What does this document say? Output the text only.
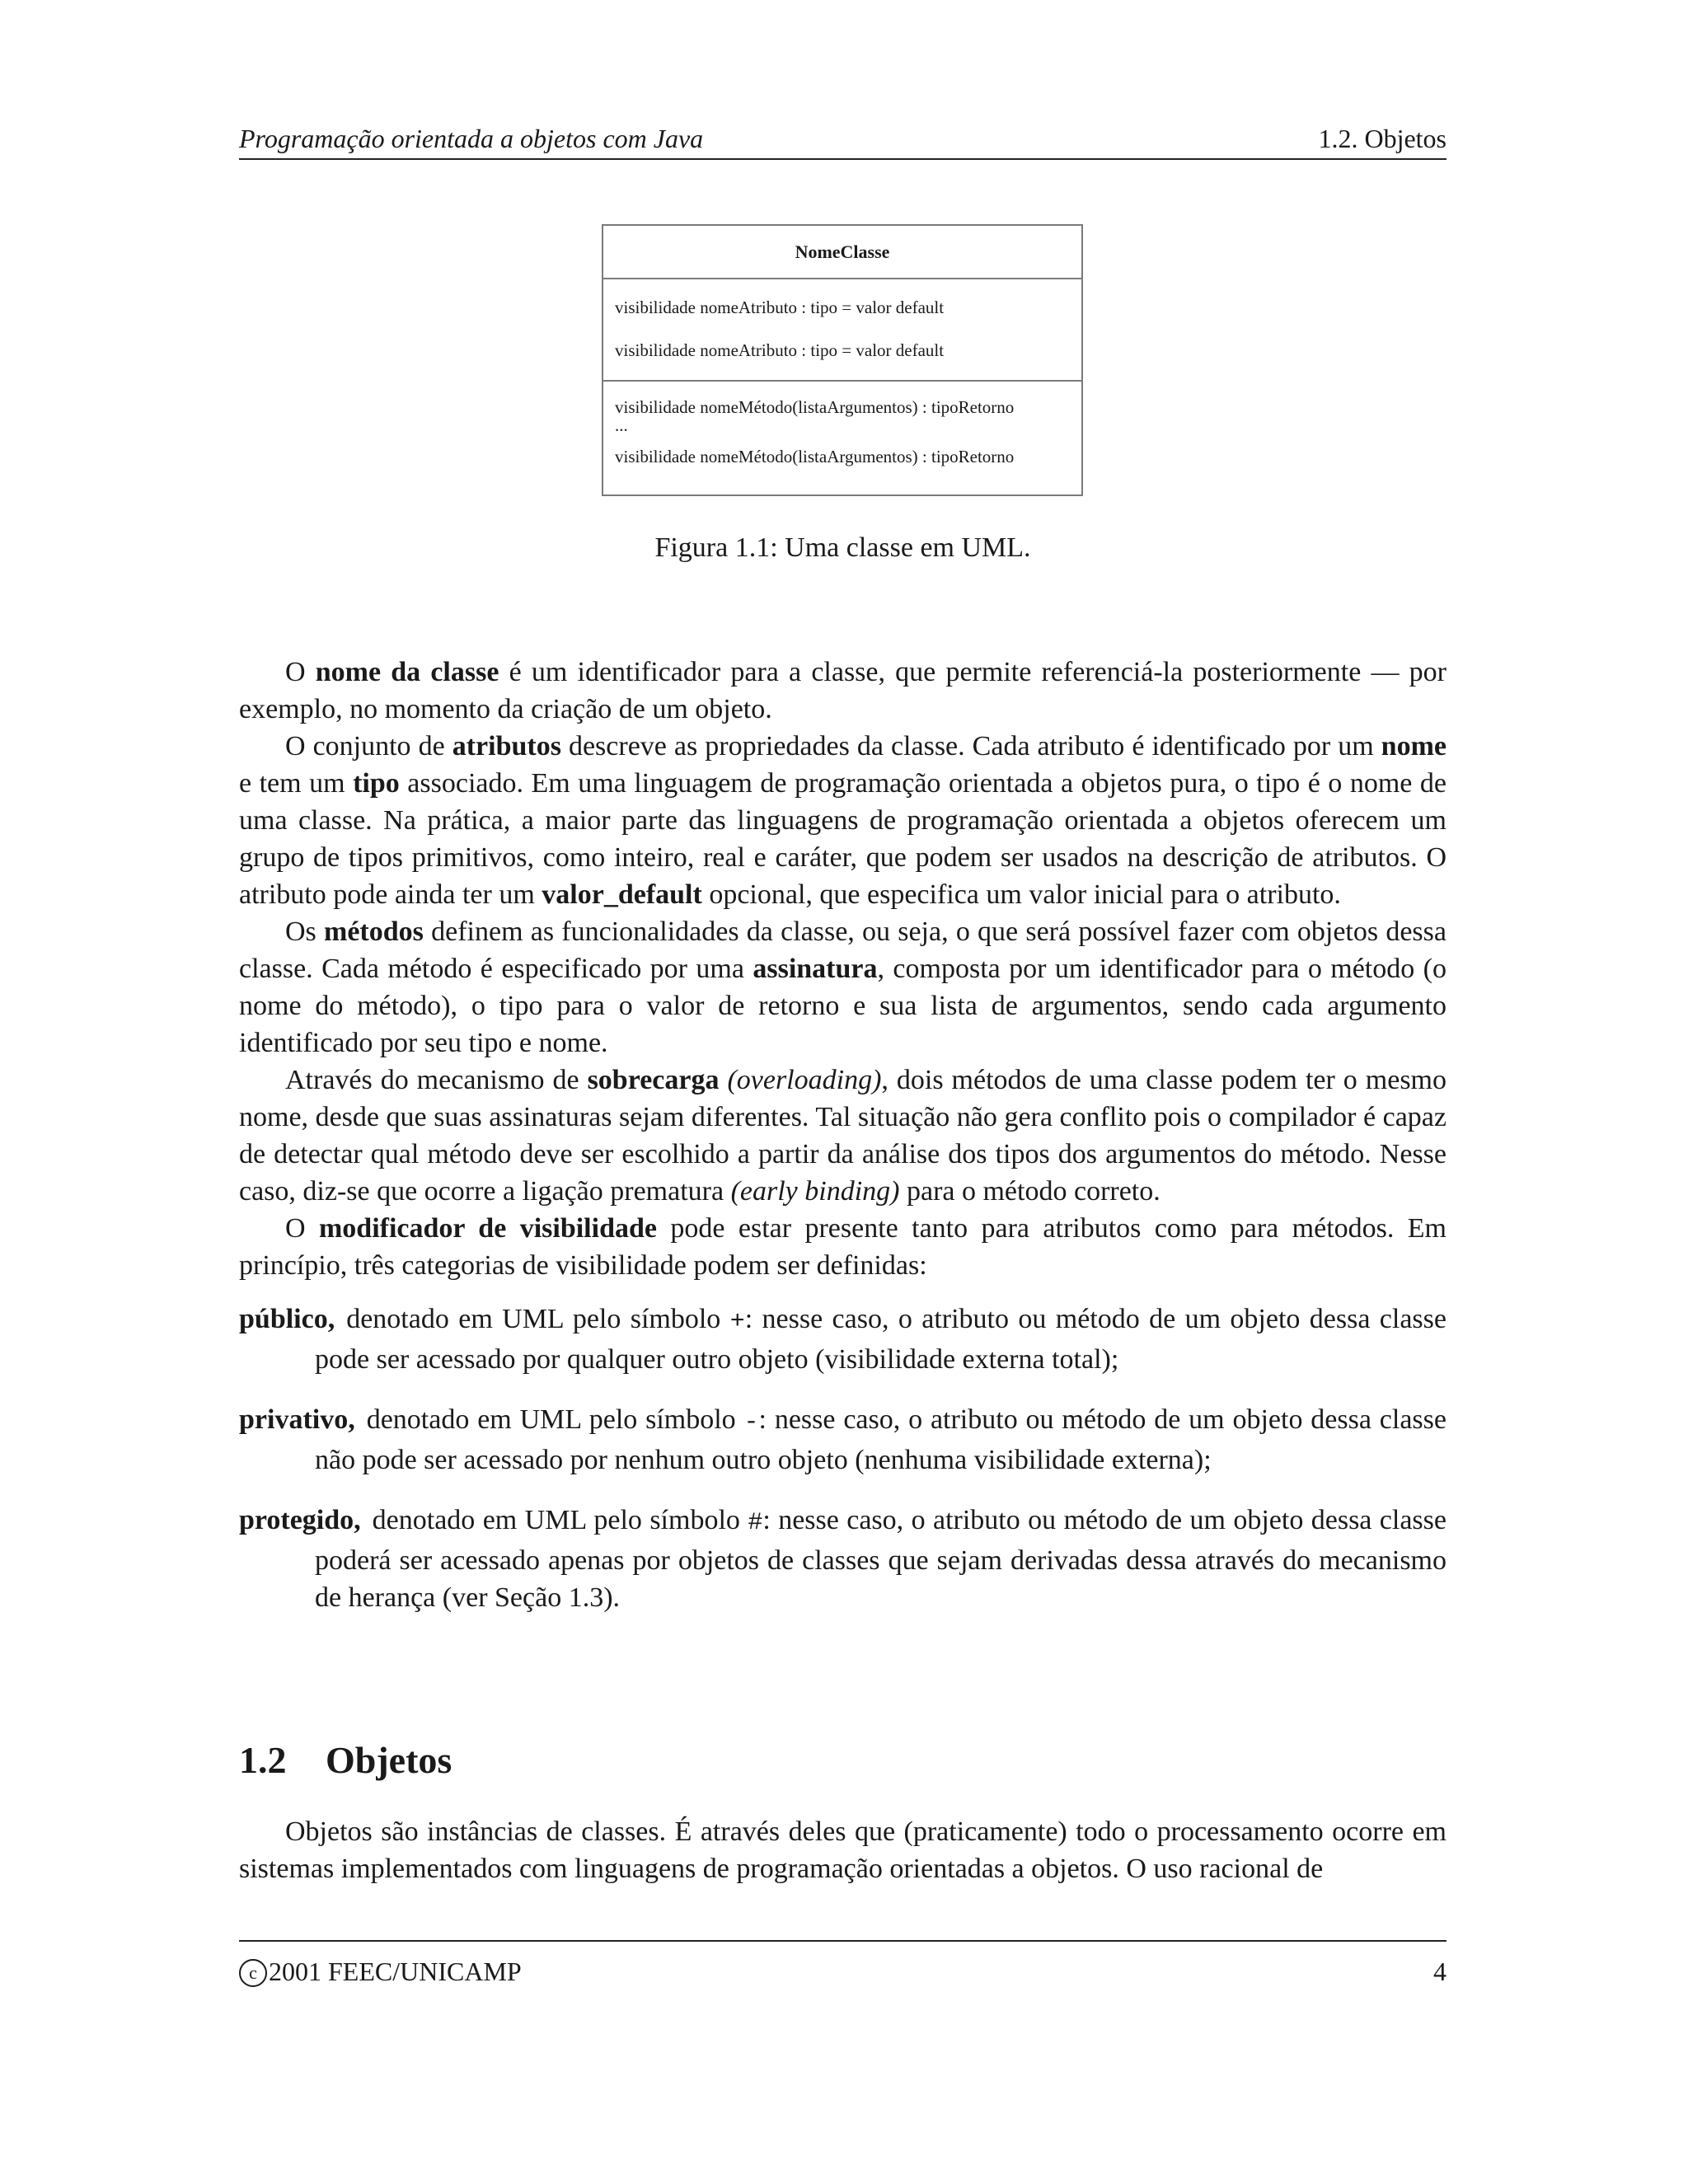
Programação orientada a objetos com Java	1.2. Objetos
NomeClasse
visibilidade nomeAtributo : tipo = valor default
visibilidade nomeAtributo : tipo = valor default
visibilidade nomeMétodo(listaArgumentos) : tipoRetorno
...
visibilidade nomeMétodo(listaArgumentos) : tipoRetorno
Figura 1.1: Uma classe em UML.

O nome da classe é um identificador para a classe, que permite referenciá-la posteriormente — por exemplo, no momento da criação de um objeto.

O conjunto de atributos descreve as propriedades da classe. Cada atributo é identificado por um nome e tem um tipo associado. Em uma linguagem de programação orientada a objetos pura, o tipo é o nome de uma classe. Na prática, a maior parte das linguagens de programação orientada a objetos oferecem um grupo de tipos primitivos, como inteiro, real e caráter, que podem ser usados na descrição de atributos. O atributo pode ainda ter um valor_default opcional, que especifica um valor inicial para o atributo.

Os métodos definem as funcionalidades da classe, ou seja, o que será possível fazer com objetos dessa classe. Cada método é especificado por uma assinatura, composta por um identificador para o método (o nome do método), o tipo para o valor de retorno e sua lista de argumentos, sendo cada argumento identificado por seu tipo e nome.

Através do mecanismo de sobrecarga (overloading), dois métodos de uma classe podem ter o mesmo nome, desde que suas assinaturas sejam diferentes. Tal situação não gera conflito pois o compilador é capaz de detectar qual método deve ser escolhido a partir da análise dos tipos dos argumentos do método. Nesse caso, diz-se que ocorre a ligação prematura (early binding) para o método correto.

O modificador de visibilidade pode estar presente tanto para atributos como para métodos. Em princípio, três categorias de visibilidade podem ser definidas:

público, denotado em UML pelo símbolo +: nesse caso, o atributo ou método de um objeto dessa classe pode ser acessado por qualquer outro objeto (visibilidade externa total);
privativo, denotado em UML pelo símbolo -: nesse caso, o atributo ou método de um objeto dessa classe não pode ser acessado por nenhum outro objeto (nenhuma visibilidade externa);
protegido, denotado em UML pelo símbolo #: nesse caso, o atributo ou método de um objeto dessa classe poderá ser acessado apenas por objetos de classes que sejam derivadas dessa através do mecanismo de herança (ver Seção 1.3).
1.2 Objetos

Objetos são instâncias de classes. É através deles que (praticamente) todo o processamento ocorre em sistemas implementados com linguagens de programação orientadas a objetos. O uso racional de

c 2001 FEEC/UNICAMP	4
